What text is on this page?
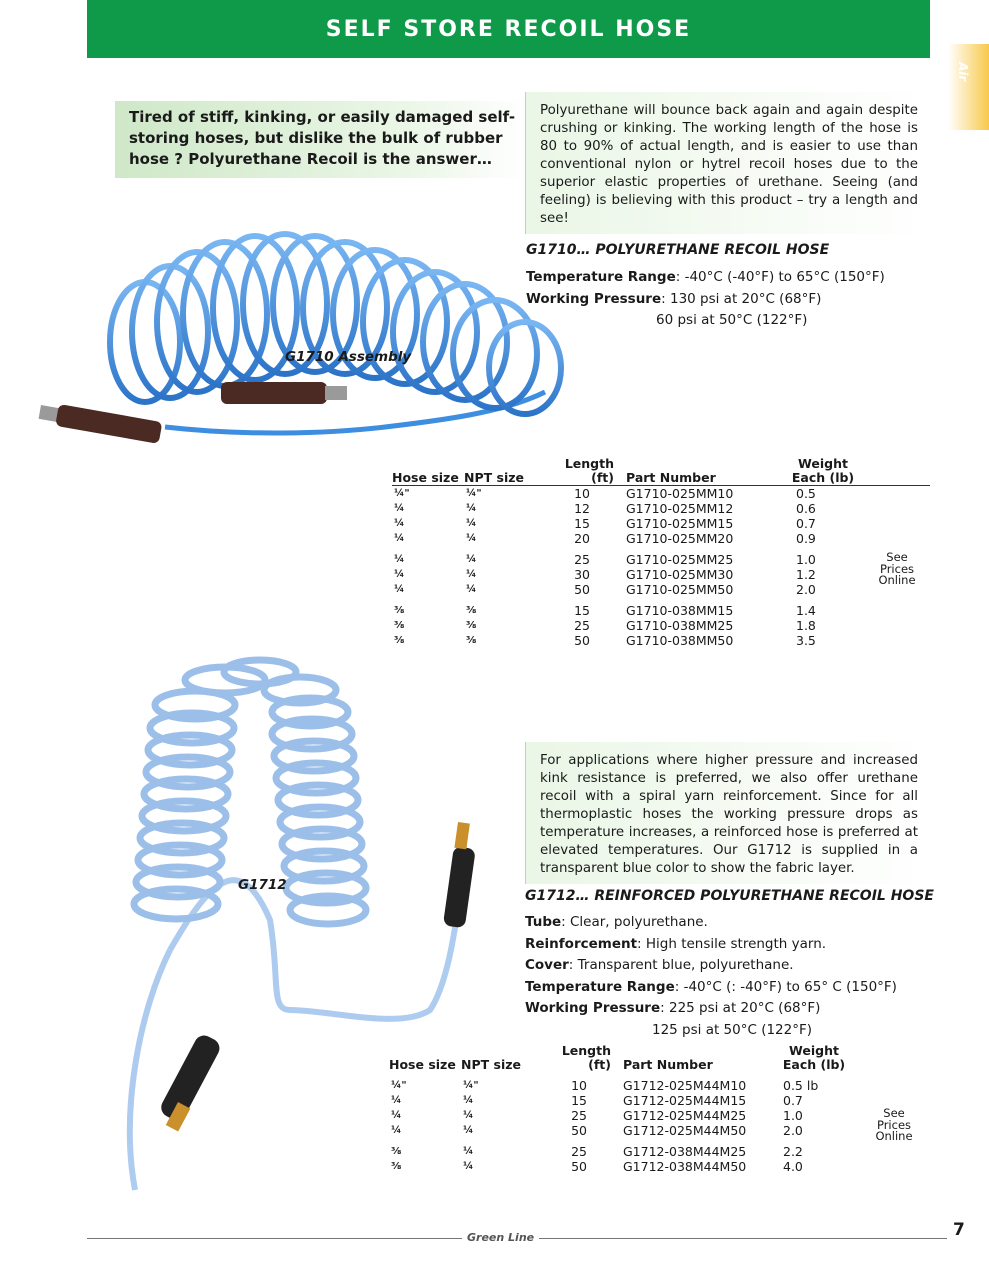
SELF STORE RECOIL HOSE
Air
Tired of stiff, kinking, or easily damaged self-storing hoses, but dislike the bulk of rubber hose ? Polyurethane Recoil is the answer…
Polyurethane will bounce back again and again despite crushing or kinking. The working length of the hose is 80 to 90% of actual length, and is easier to use than conventional nylon or hytrel recoil hoses due to the superior elastic properties of urethane. Seeing (and feeling) is believing with this product – try a length and see!
G1710… POLYURETHANE RECOIL HOSE
Temperature Range: -40°C (-40°F) to 65°C (150°F)
Working Pressure: 130 psi at 20°C (68°F)
60 psi at 50°C (122°F)
G1710 Assembly
Hose size	NPT size	Length (ft)	Part Number	Weight
Each (lb)	

¼"	¼"	10	G1710-025MM10	0.5	
¼	¼	12	G1710-025MM12	0.6	
¼	¼	15	G1710-025MM15	0.7	
¼	¼	20	G1710-025MM20	0.9	
¼	¼	25	G1710-025MM25	1.0	See
Prices
Online

¼	¼	30	G1710-025MM30	1.2	
¼	¼	50	G1710-025MM50	2.0	
⅜	⅜	15	G1710-038MM15	1.4	
⅜	⅜	25	G1710-038MM25	1.8	
⅜	⅜	50	G1710-038MM50	3.5	
G1712
For applications where higher pressure and increased kink resistance is preferred, we also offer urethane recoil with a spiral yarn reinforcement. Since for all thermoplastic hoses the working pressure drops as temperature increases, a reinforced hose is preferred at elevated temperatures. Our G1712 is supplied in a transparent blue color to show the fabric layer.
G1712… REINFORCED POLYURETHANE RECOIL HOSE
Tube: Clear, polyurethane.
Reinforcement: High tensile strength yarn.
Cover: Transparent blue, polyurethane.
Temperature Range: -40°C (: -40°F) to 65° C (150°F)
Working Pressure: 225 psi at 20°C (68°F)
125 psi at 50°C (122°F)
Hose size	NPT size	Length (ft)	Part Number	Weight
Each (lb)	

¼"	¼"	10	G1712-025M44M10	0.5 lb	
¼	¼	15	G1712-025M44M15	0.7	
¼	¼	25	G1712-025M44M25	1.0	See
Prices
Online

¼	¼	50	G1712-025M44M50	2.0	
⅜	¼	25	G1712-038M44M25	2.2	
⅜	¼	50	G1712-038M44M50	4.0	
Green Line	7
